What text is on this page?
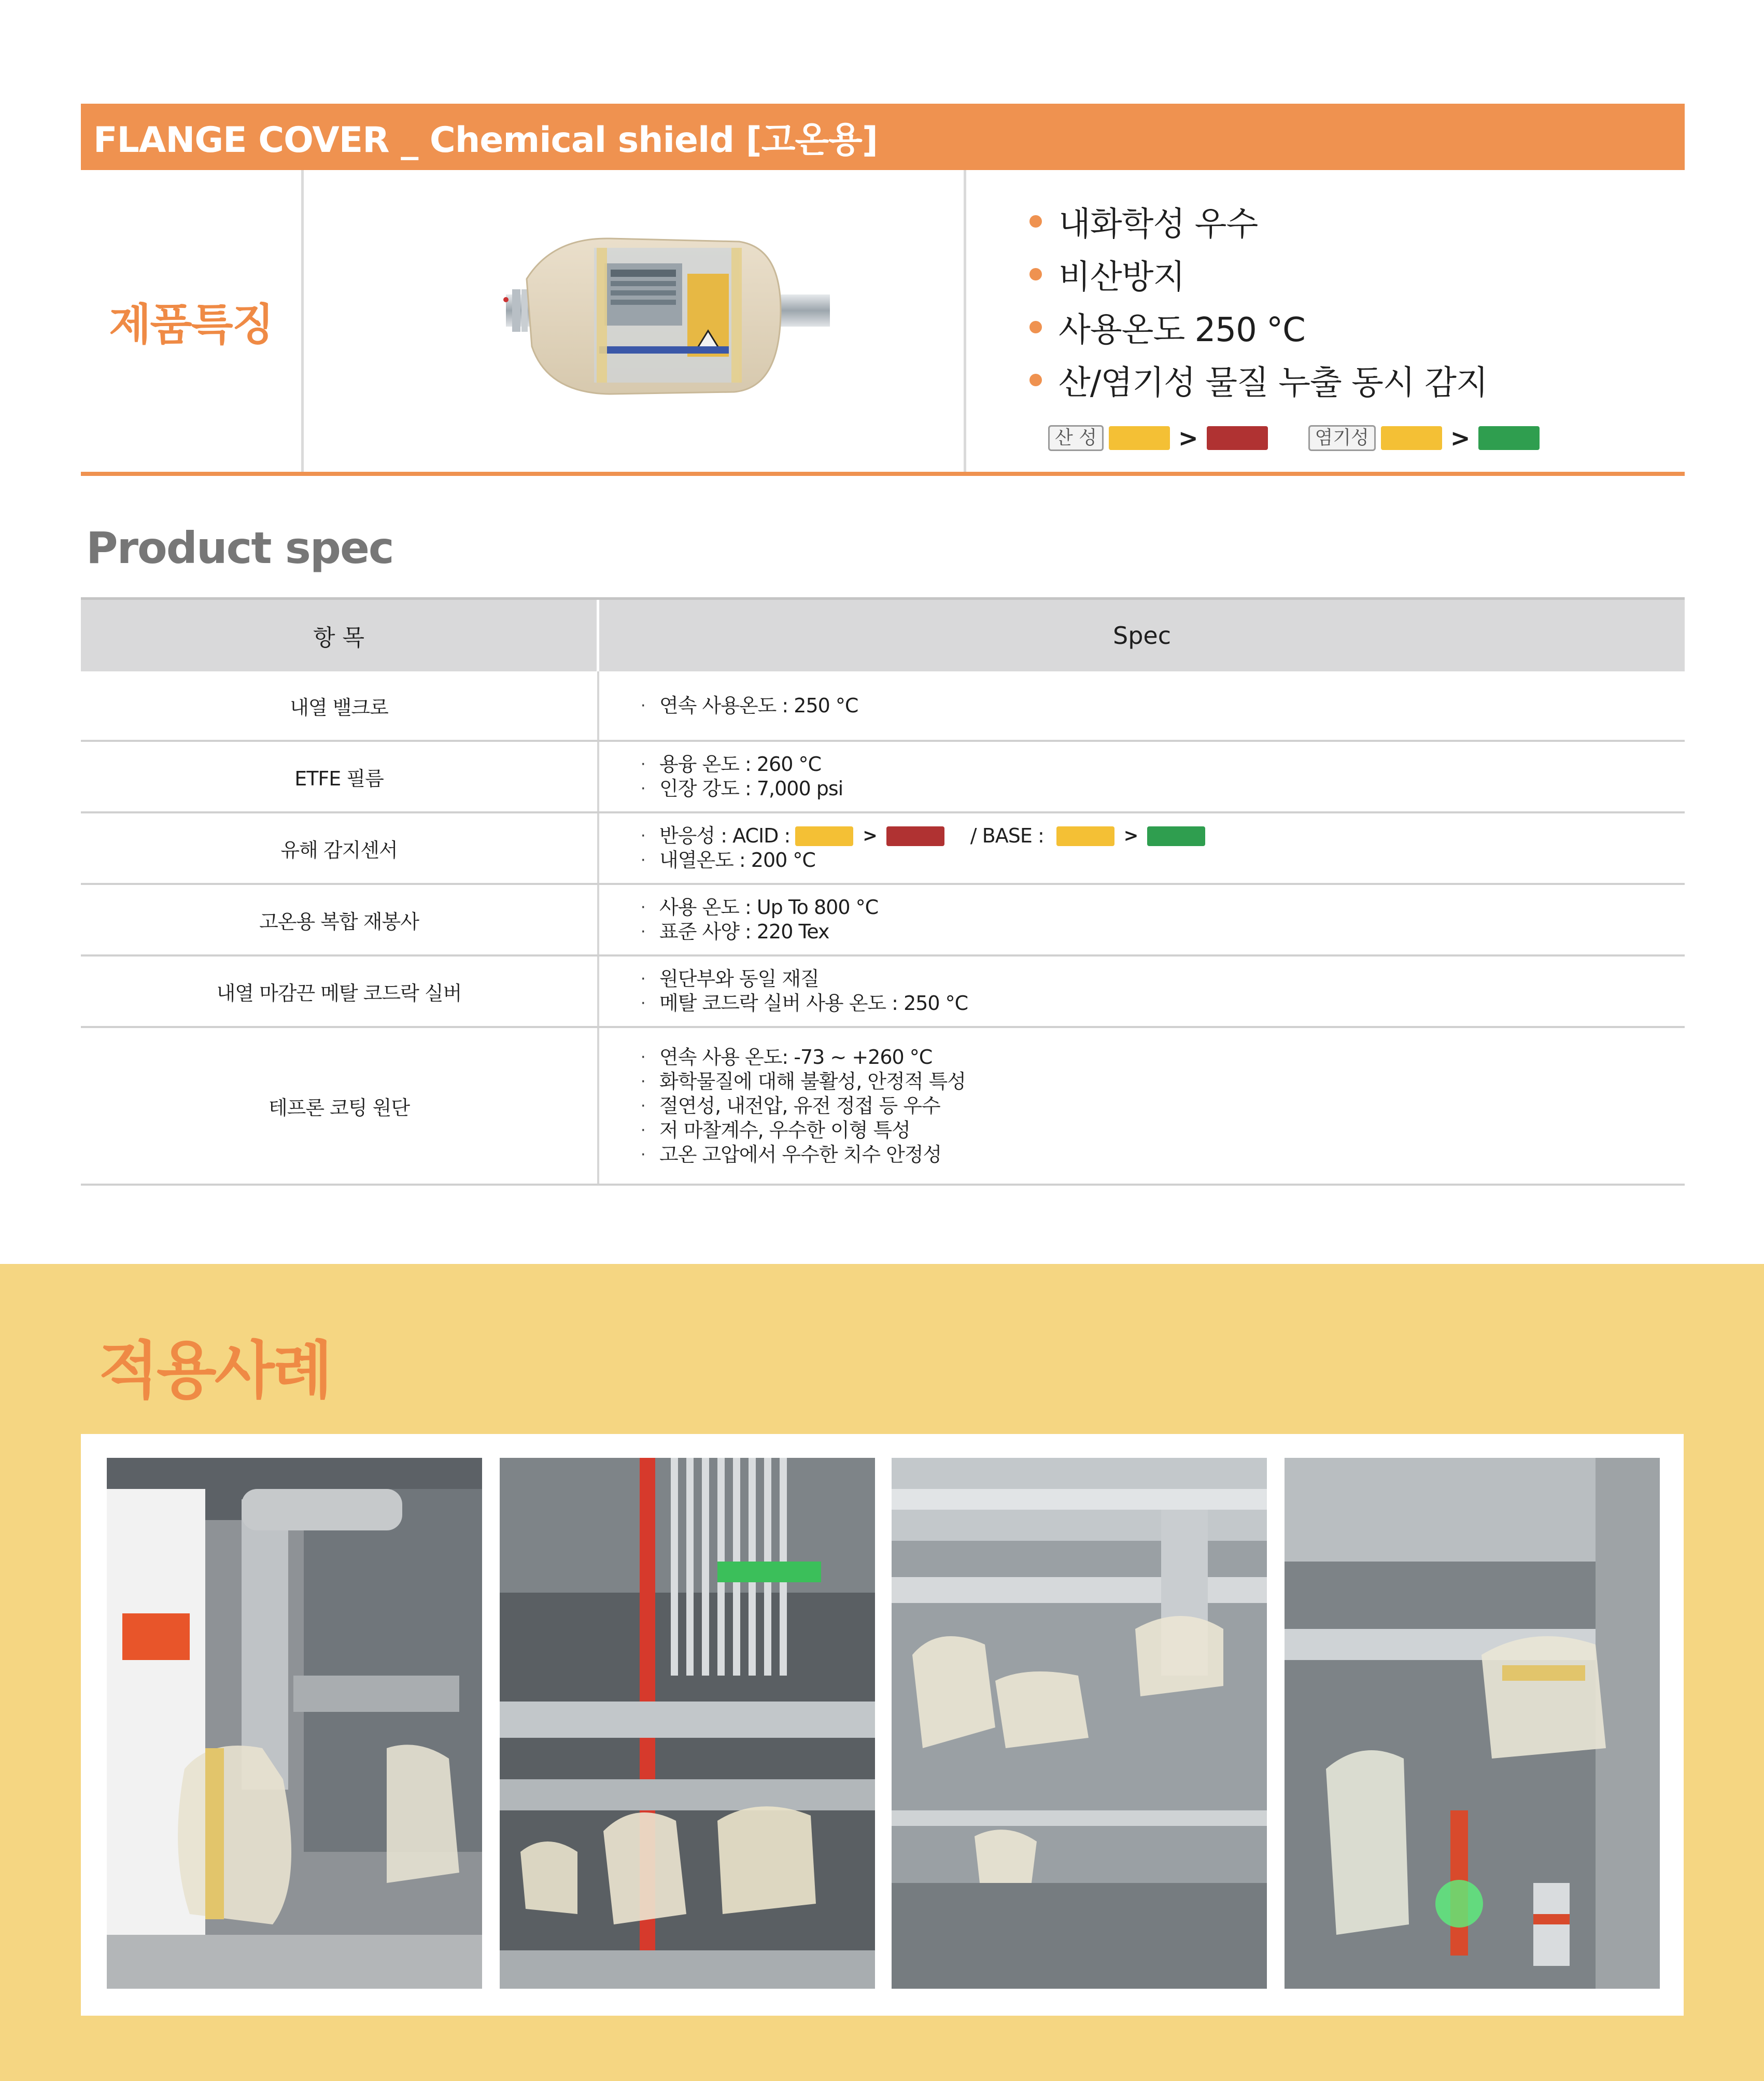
FLANGE COVER _ Chemical shield [고온용]
제품특징
내화학성 우수
비산방지
사용온도 250 °C
산/염기성 물질 누출 동시 감지
산 성	>	염기성	>
Product spec
항 목	Spec
내열 밸크로	· 연속 사용온도 : 250 °C
ETFE 필름
· 용융 온도 : 260 °C
· 인장 강도 : 7,000 psi
유해 감지센서
· 반응성 : ACID :	>	/ BASE :	>
· 내열온도 : 200 °C
고온용 복합 재봉사
· 사용 온도 : Up To 800 °C
· 표준 사양 : 220 Tex
내열 마감끈 메탈 코드락 실버
· 원단부와 동일 재질
· 메탈 코드락 실버 사용 온도 : 250 °C
테프론 코팅 원단
· 연속 사용 온도: -73 ~ +260 °C
· 화학물질에 대해 불활성, 안정적 특성
· 절연성, 내전압, 유전 정접 등 우수
· 저 마찰계수, 우수한 이형 특성
· 고온 고압에서 우수한 치수 안정성
적용사례
